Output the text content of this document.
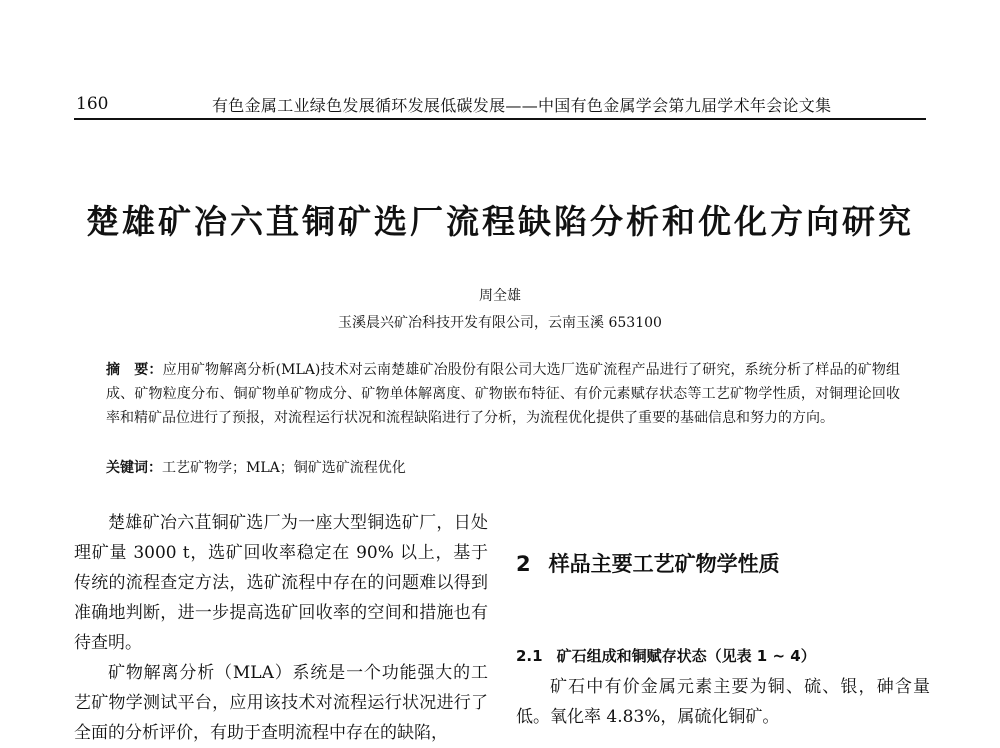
160	有色金属工业绿色发展循环发展低碳发展——中国有色金属学会第九届学术年会论文集
楚雄矿冶六苴铜矿选厂流程缺陷分析和优化方向研究
周全雄
玉溪晨兴矿冶科技开发有限公司，云南玉溪 653100
摘　要：应用矿物解离分析(MLA)技术对云南楚雄矿冶股份有限公司大选厂选矿流程产品进行了研究，系统分析了样品的矿物组成、矿物粒度分布、铜矿物单矿物成分、矿物单体解离度、矿物嵌布特征、有价元素赋存状态等工艺矿物学性质，对铜理论回收率和精矿品位进行了预报，对流程运行状况和流程缺陷进行了分析，为流程优化提供了重要的基础信息和努力的方向。
关键词：工艺矿物学；MLA；铜矿选矿流程优化

楚雄矿冶六苴铜矿选厂为一座大型铜选矿厂，日处理矿量 3000 t，选矿回收率稳定在 90% 以上，基于传统的流程查定方法，选矿流程中存在的问题难以得到准确地判断，进一步提高选矿回收率的空间和措施也有待查明。

矿物解离分析（MLA）系统是一个功能强大的工艺矿物学测试平台，应用该技术对流程运行状况进行了全面的分析评价，有助于查明流程中存在的缺陷，

2 样品主要工艺矿物学性质
2.1 矿石组成和铜赋存状态（见表 1 ~ 4）

矿石中有价金属元素主要为铜、硫、银，砷含量低。氧化率 4.83%，属硫化铜矿。
